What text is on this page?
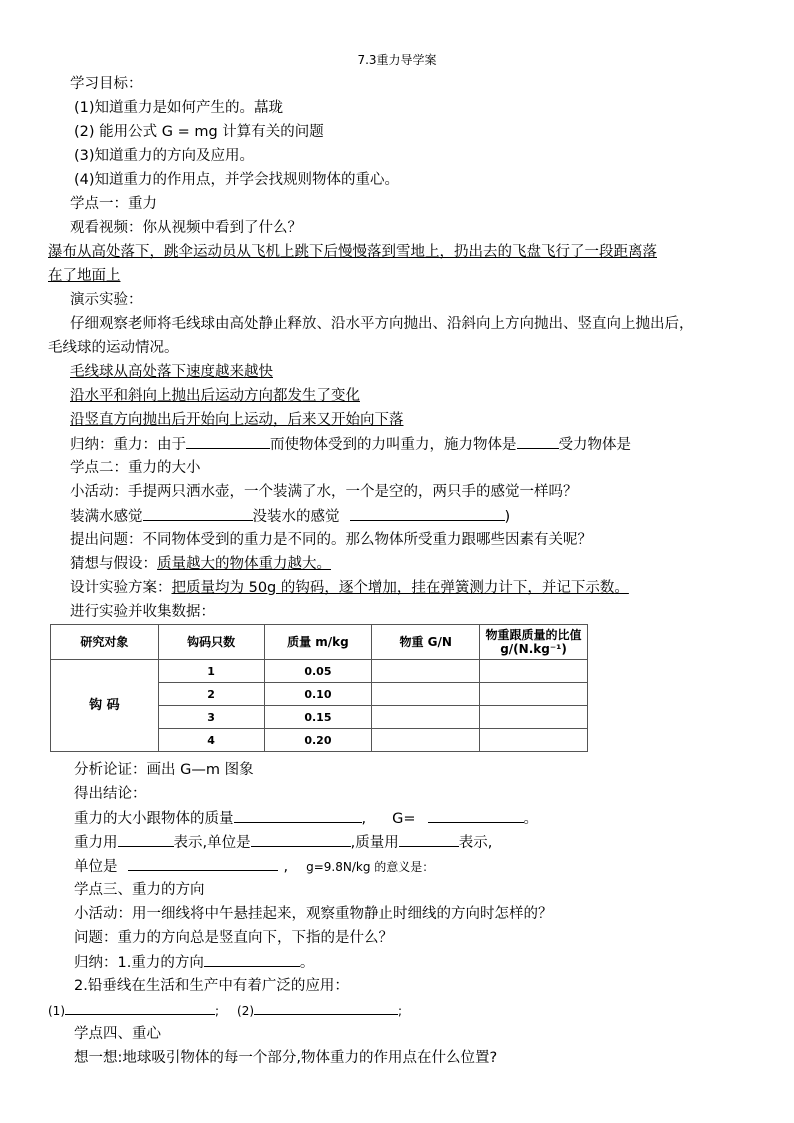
7.3重力导学案
学习目标：
(1)知道重力是如何产生的。蕌珑
(2) 能用公式 G = mg 计算有关的问题
(3)知道重力的方向及应用。
(4)知道重力的作用点，并学会找规则物体的重心。
学点一：重力
观看视频：你从视频中看到了什么？
瀑布从高处落下，跳伞运动员从飞机上跳下后慢慢落到雪地上，扔出去的飞盘飞行了一段距离落
在了地面上
演示实验：
仔细观察老师将毛线球由高处静止释放、沿水平方向抛出、沿斜向上方向抛出、竖直向上抛出后，
毛线球的运动情况。
毛线球从高处落下速度越来越快
沿水平和斜向上抛出后运动方向都发生了变化
沿竖直方向抛出后开始向上运动，后来又开始向下落
归纳：重力：由于	而使物体受到的力叫重力，施力物体是	受力物体是
学点二：重力的大小
小活动：手提两只洒水壶，一个装满了水，一个是空的，两只手的感觉一样吗？
装满水感觉	没装水的感觉	)
提出问题：不同物体受到的重力是不同的。那么物体所受重力跟哪些因素有关呢？
猜想与假设：质量越大的物体重力越大。
设计实验方案：把质量均为 50g 的钩码，逐个增加，挂在弹簧测力计下，并记下示数。
进行实验并收集数据：
研究对象	钩码只数	质量 m/kg	物重 G/N	物重跟质量的比值 g/(N.kg⁻¹)
钩 码	1	0.05		
	2	0.10		
	3	0.15		
	4	0.20		
分析论证：画出 G—m 图象
得出结论：
重力的大小跟物体的质量	, G=	。
重力用	表示,单位是	,质量用	表示,
单位是	, g=9.8N/kg 的意义是：
学点三、重力的方向
小活动：用一细线将中午悬挂起来，观察重物静止时细线的方向时怎样的？
问题：重力的方向总是竖直向下，下指的是什么？
归纳：1.重力的方向	。
2.铅垂线在生活和生产中有着广泛的应用：
(1)	; (2)	;
学点四、重心
想一想:地球吸引物体的每一个部分,物体重力的作用点在什么位置?
